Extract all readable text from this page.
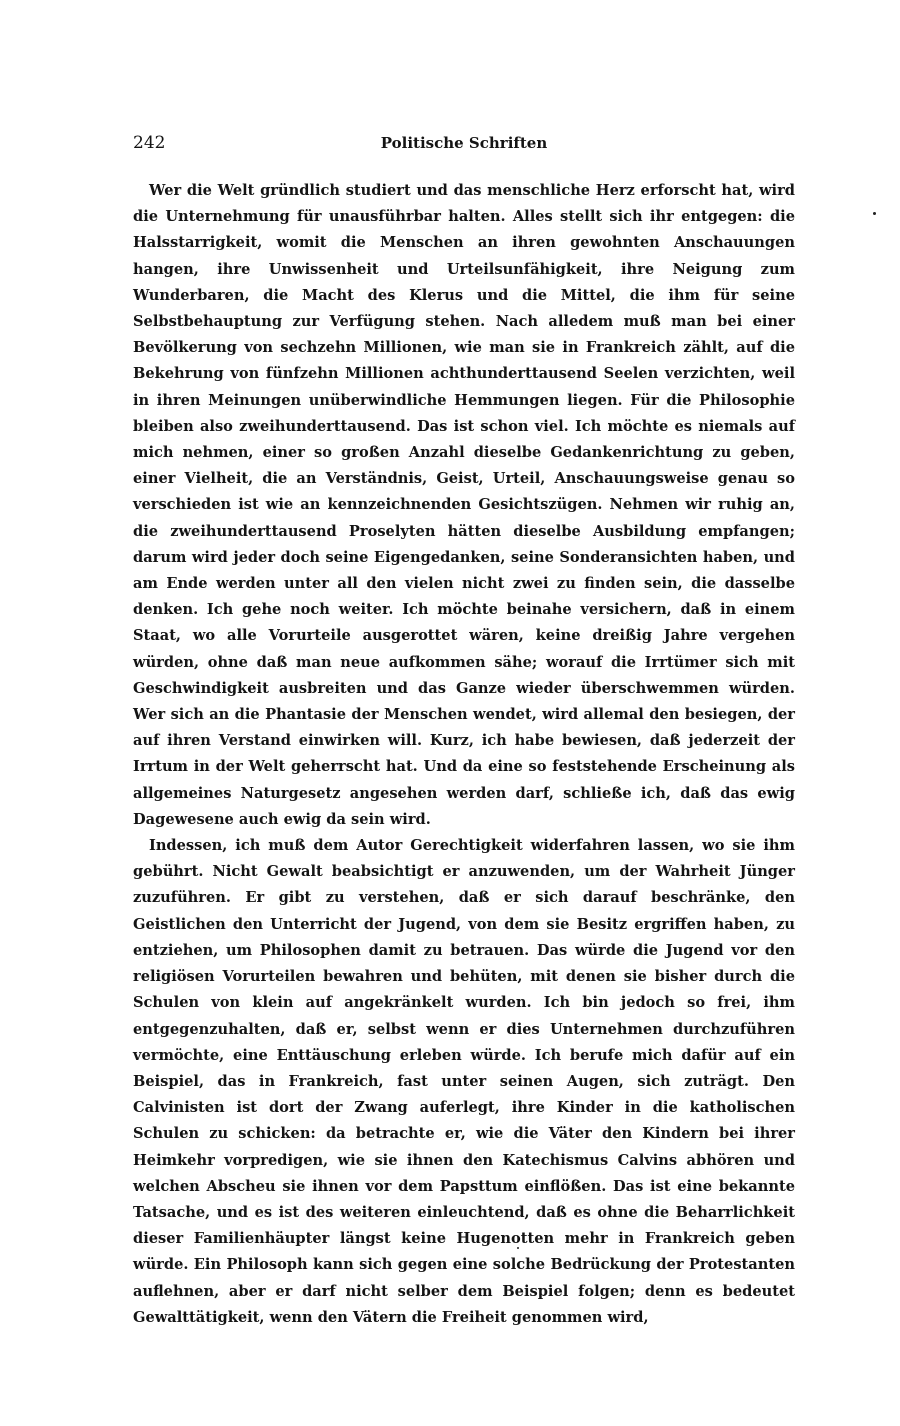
242	Politische Schriften

Wer die Welt gründlich studiert und das menschliche Herz erforscht hat, wird die Unternehmung für unausführbar halten. Alles stellt sich ihr entgegen: die Halsstarrigkeit, womit die Menschen an ihren gewohnten Anschauungen hangen, ihre Unwissenheit und Urteilsunfähigkeit, ihre Neigung zum Wunderbaren, die Macht des Klerus und die Mittel, die ihm für seine Selbstbehauptung zur Verfügung stehen. Nach alledem muß man bei einer Bevölkerung von sechzehn Millionen, wie man sie in Frankreich zählt, auf die Bekehrung von fünfzehn Millionen achthunderttausend Seelen verzichten, weil in ihren Meinungen unüberwindliche Hemmungen liegen. Für die Philosophie bleiben also zweihunderttausend. Das ist schon viel. Ich möchte es niemals auf mich nehmen, einer so großen Anzahl dieselbe Gedankenrichtung zu geben, einer Vielheit, die an Verständnis, Geist, Urteil, Anschauungsweise genau so verschieden ist wie an kennzeichnenden Gesichtszügen. Nehmen wir ruhig an, die zweihunderttausend Proselyten hätten dieselbe Ausbildung empfangen; darum wird jeder doch seine Eigengedanken, seine Sonderansichten haben, und am Ende werden unter all den vielen nicht zwei zu finden sein, die dasselbe denken. Ich gehe noch weiter. Ich möchte beinahe versichern, daß in einem Staat, wo alle Vorurteile ausgerottet wären, keine dreißig Jahre vergehen würden, ohne daß man neue aufkommen sähe; worauf die Irrtümer sich mit Geschwindigkeit ausbreiten und das Ganze wieder überschwemmen würden. Wer sich an die Phantasie der Menschen wendet, wird allemal den besiegen, der auf ihren Verstand einwirken will. Kurz, ich habe bewiesen, daß jederzeit der Irrtum in der Welt geherrscht hat. Und da eine so feststehende Erscheinung als allgemeines Naturgesetz angesehen werden darf, schließe ich, daß das ewig Dagewesene auch ewig da sein wird.

Indessen, ich muß dem Autor Gerechtigkeit widerfahren lassen, wo sie ihm gebührt. Nicht Gewalt beabsichtigt er anzuwenden, um der Wahrheit Jünger zuzuführen. Er gibt zu verstehen, daß er sich darauf beschränke, den Geistlichen den Unterricht der Jugend, von dem sie Besitz ergriffen haben, zu entziehen, um Philosophen damit zu betrauen. Das würde die Jugend vor den religiösen Vorurteilen bewahren und behüten, mit denen sie bisher durch die Schulen von klein auf angekränkelt wurden. Ich bin jedoch so frei, ihm entgegenzuhalten, daß er, selbst wenn er dies Unternehmen durchzuführen vermöchte, eine Enttäuschung erleben würde. Ich berufe mich dafür auf ein Beispiel, das in Frankreich, fast unter seinen Augen, sich zuträgt. Den Calvinisten ist dort der Zwang auferlegt, ihre Kinder in die katholischen Schulen zu schicken: da betrachte er, wie die Väter den Kindern bei ihrer Heimkehr vorpredigen, wie sie ihnen den Katechismus Calvins abhören und welchen Abscheu sie ihnen vor dem Papsttum einflößen. Das ist eine bekannte Tatsache, und es ist des weiteren einleuchtend, daß es ohne die Beharrlichkeit dieser Familienhäupter längst keine Hugenotten mehr in Frankreich geben würde. Ein Philosoph kann sich gegen eine solche Bedrückung der Protestanten auflehnen, aber er darf nicht selber dem Beispiel folgen; denn es bedeutet Gewalttätigkeit, wenn den Vätern die Freiheit genommen wird,
